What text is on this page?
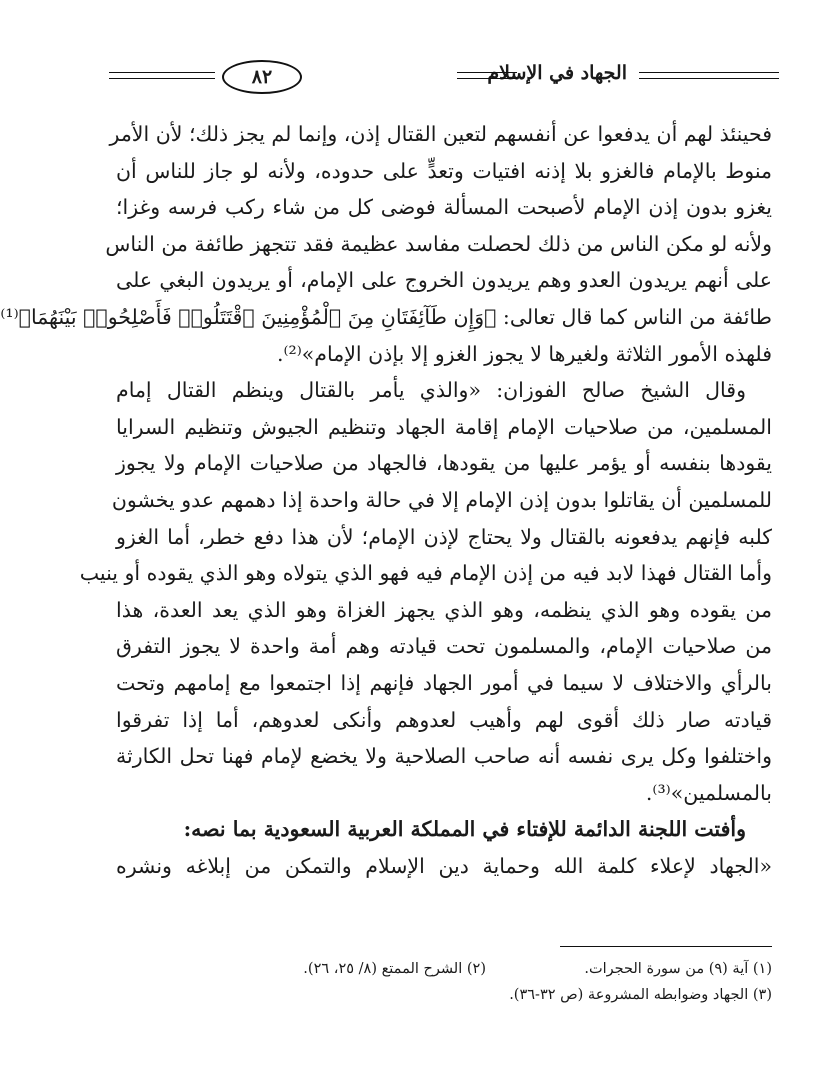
الجهاد في الإسلام
٨٢
فحينئذ لهم أن يدفعوا عن أنفسهم لتعين القتال إذن، وإنما لم يجز ذلك؛ لأن الأمر
منوط بالإمام فالغزو بلا إذنه افتيات وتعدٍّ على حدوده، ولأنه لو جاز للناس أن
يغزو بدون إذن الإمام لأصبحت المسألة فوضى كل من شاء ركب فرسه وغزا؛
ولأنه لو مكن الناس من ذلك لحصلت مفاسد عظيمة فقد تتجهز طائفة من الناس
على أنهم يريدون العدو وهم يريدون الخروج على الإمام، أو يريدون البغي على
طائفة من الناس كما قال تعالى: ﴿وَإِن طَآئِفَتَانِ مِنَ ٱلْمُؤْمِنِينَ ٱقْتَتَلُوا۟ فَأَصْلِحُوا۟ بَيْنَهُمَا﴾⁽¹⁾
فلهذه الأمور الثلاثة ولغيرها لا يجوز الغزو إلا بإذن الإمام»⁽²⁾.
وقال الشيخ صالح الفوزان: «والذي يأمر بالقتال وينظم القتال إمام
المسلمين، من صلاحيات الإمام إقامة الجهاد وتنظيم الجيوش وتنظيم السرايا
يقودها بنفسه أو يؤمر عليها من يقودها، فالجهاد من صلاحيات الإمام ولا يجوز
للمسلمين أن يقاتلوا بدون إذن الإمام إلا في حالة واحدة إذا دهمهم عدو يخشون
كلبه فإنهم يدفعونه بالقتال ولا يحتاج لإذن الإمام؛ لأن هذا دفع خطر، أما الغزو
وأما القتال فهذا لابد فيه من إذن الإمام فيه فهو الذي يتولاه وهو الذي يقوده أو ينيب
من يقوده وهو الذي ينظمه، وهو الذي يجهز الغزاة وهو الذي يعد العدة، هذا
من صلاحيات الإمام، والمسلمون تحت قيادته وهم أمة واحدة لا يجوز التفرق
بالرأي والاختلاف لا سيما في أمور الجهاد فإنهم إذا اجتمعوا مع إمامهم وتحت
قيادته صار ذلك أقوى لهم وأهيب لعدوهم وأنكى لعدوهم، أما إذا تفرقوا
واختلفوا وكل يرى نفسه أنه صاحب الصلاحية ولا يخضع لإمام فهنا تحل الكارثة
بالمسلمين»⁽³⁾.
وأفتت اللجنة الدائمة للإفتاء في المملكة العربية السعودية بما نصه:
«الجهاد لإعلاء كلمة الله وحماية دين الإسلام والتمكن من إبلاغه ونشره
(١) آية (٩) من سورة الحجرات.
(٢) الشرح الممتع (٨/ ٢٥، ٢٦).
(٣) الجهاد وضوابطه المشروعة (ص ٣٢-٣٦).
